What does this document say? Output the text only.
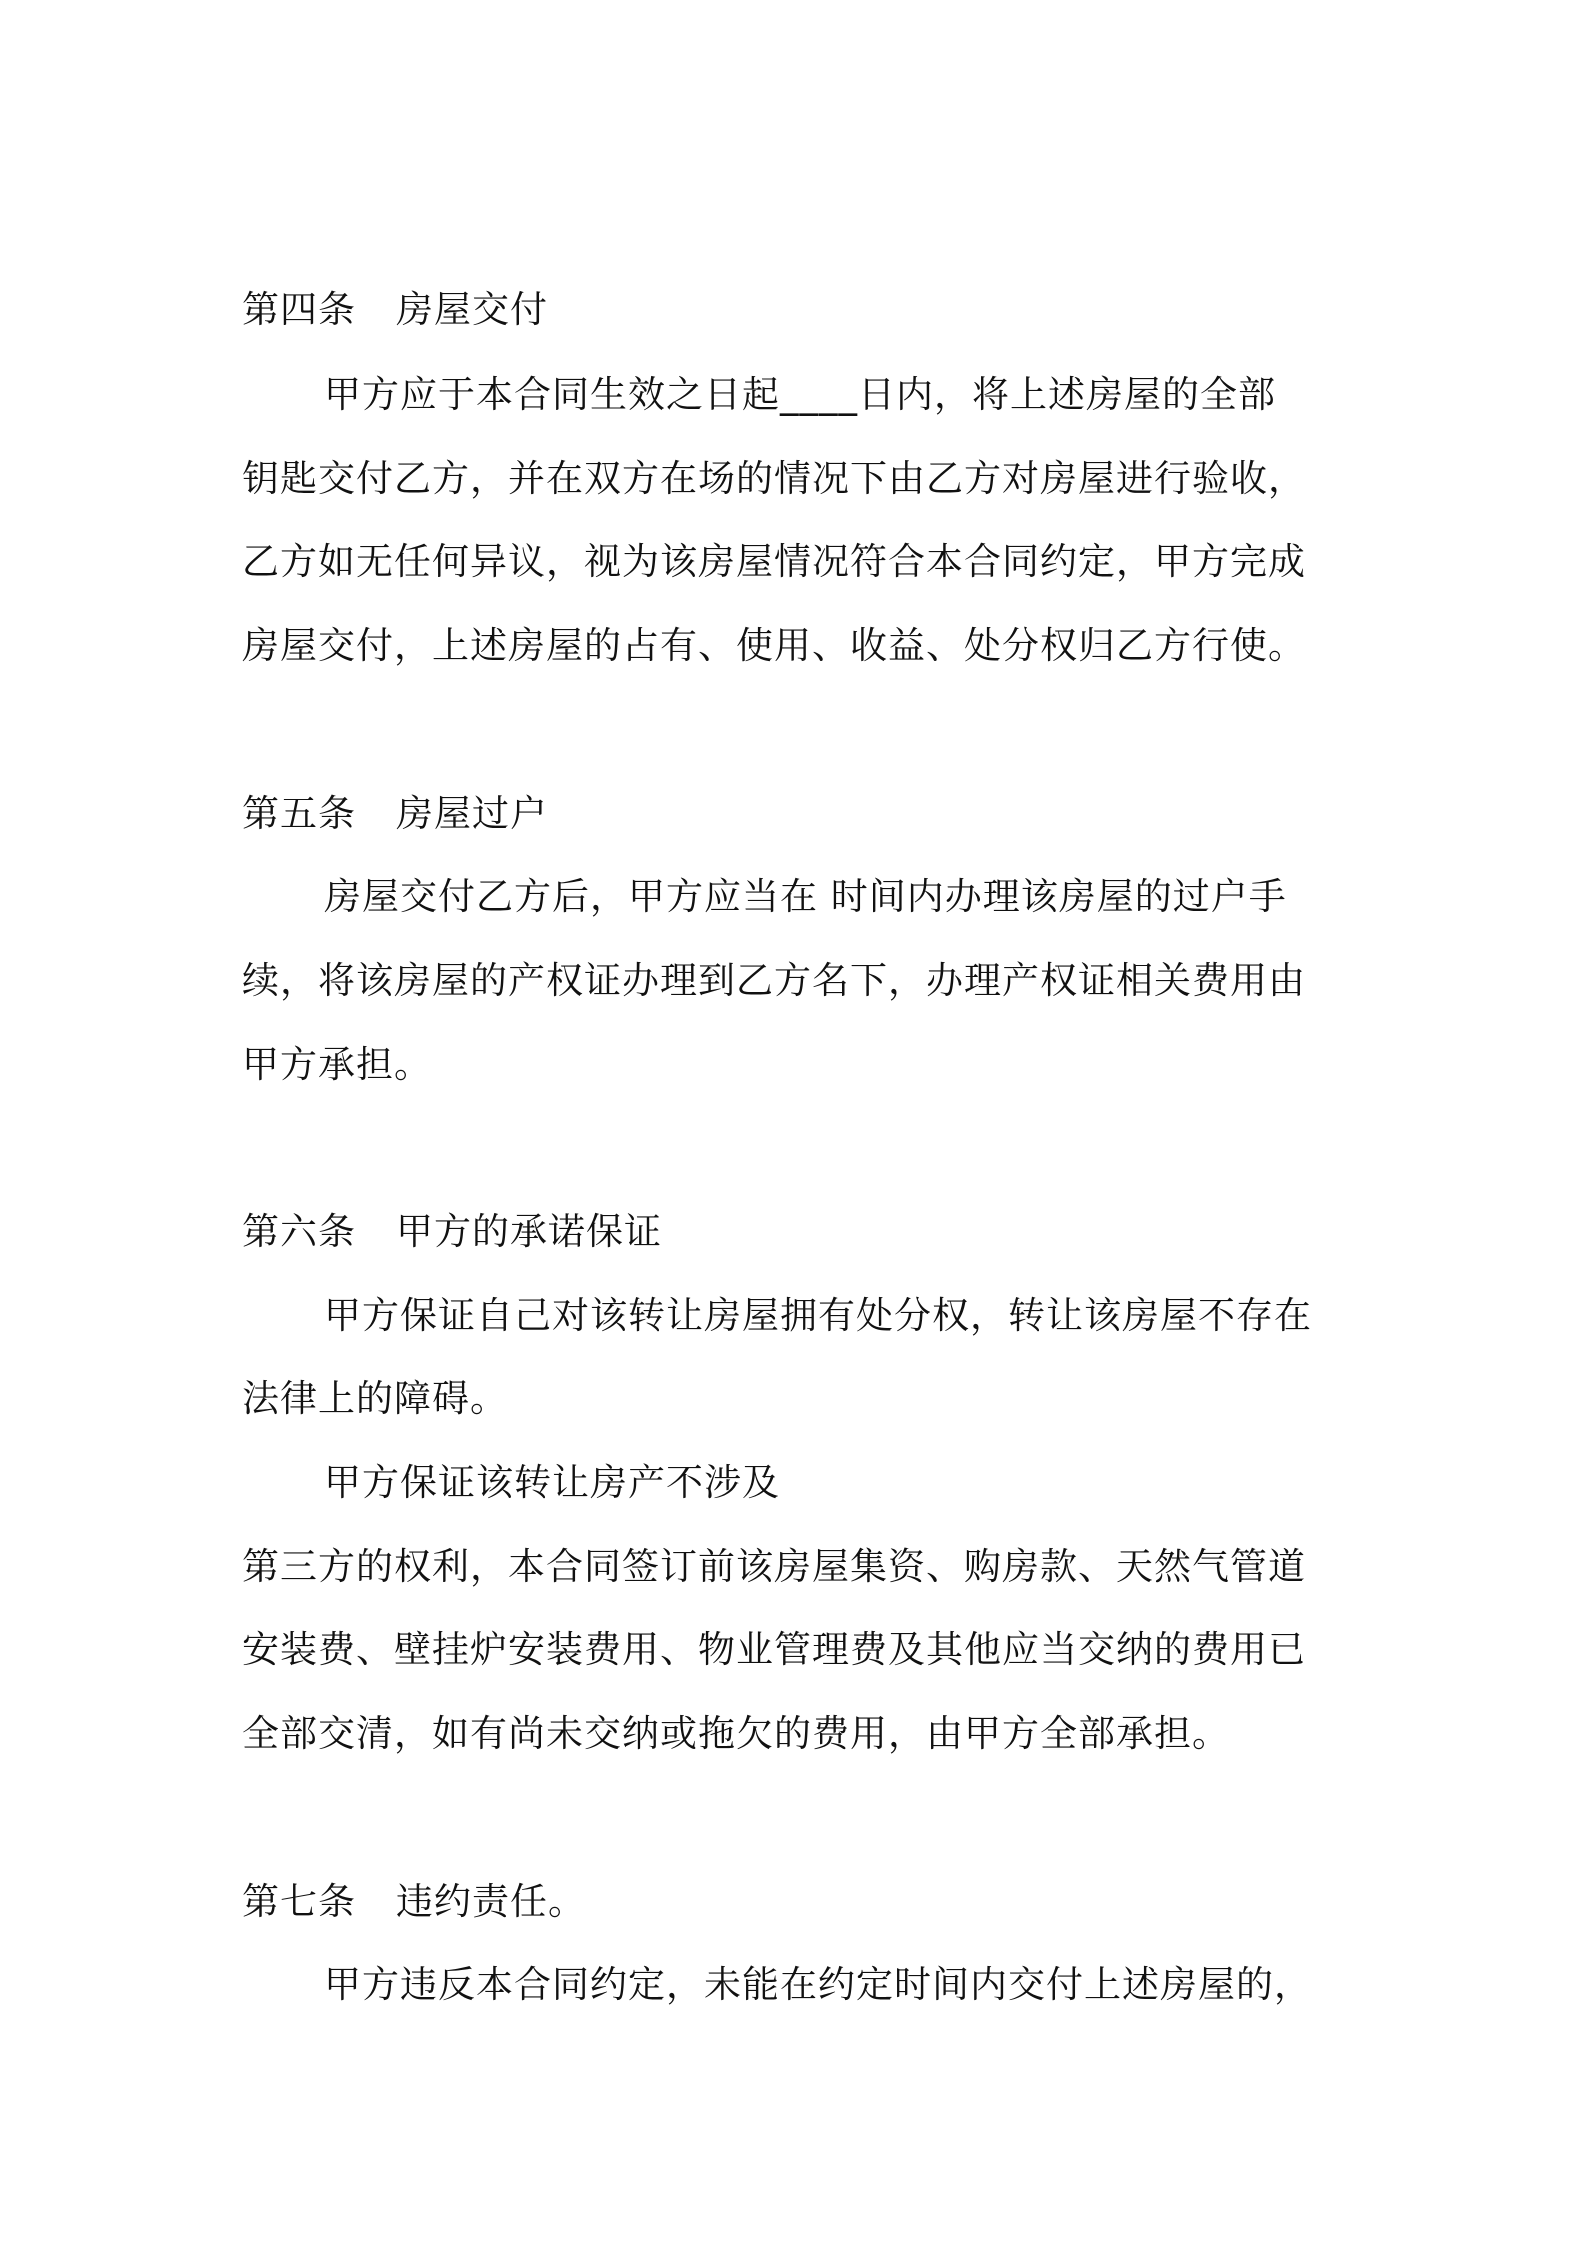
第四条 房屋交付
甲方应于本合同生效之日起____日内，将上述房屋的全部
钥匙交付乙方，并在双方在场的情况下由乙方对房屋进行验收，
乙方如无任何异议，视为该房屋情况符合本合同约定，甲方完成
房屋交付，上述房屋的占有、使用、收益、处分权归乙方行使。
第五条 房屋过户
房屋交付乙方后，甲方应当在 时间内办理该房屋的过户手
续，将该房屋的产权证办理到乙方名下，办理产权证相关费用由
甲方承担。
第六条 甲方的承诺保证
甲方保证自己对该转让房屋拥有处分权，转让该房屋不存在
法律上的障碍。
甲方保证该转让房产不涉及
第三方的权利，本合同签订前该房屋集资、购房款、天然气管道
安装费、壁挂炉安装费用、物业管理费及其他应当交纳的费用已
全部交清，如有尚未交纳或拖欠的费用，由甲方全部承担。
第七条 违约责任。
甲方违反本合同约定，未能在约定时间内交付上述房屋的，
